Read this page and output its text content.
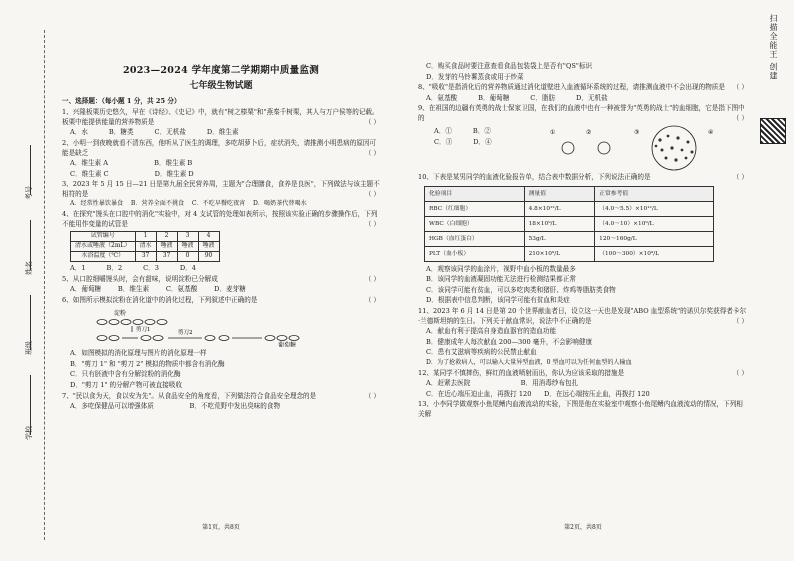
考号
姓名
班级
学校
2023—2024 学年度第二学期期中质量监测
七年级生物试题
一、选择题：（每小题 1 分，共 25 分）
1、兴隆板栗历史悠久，早在《诗经》、《史记》中，就有"树之榛栗"和"燕秦千树栗，其人与万户侯等的记载。板栗中能提供能量的营养物质是	（ ）
A．水          B．糖类          C．无机盐          D．维生素
2、小明一到夜晚就看不清东西，他听从了医生的调理，多吃胡萝卜后，症状消失，请推测小明患病的原因可能是缺乏	（ ）
A．维生素 A                      B．维生素 B
C．维生素 C                      D．维生素 D
3、2023 年 5 月 15 日—21 日是第九届全民营养周，主题为"合理膳食，食养是良医"，下列做法与该主题不相符的是	（ ）
A．经常性暴饮暴食    B．营养全面不挑食    C．不吃早餐吃夜宵    D．喝奶茶代替喝水
4、在探究"馒头在口腔中的消化"实验中，对 4 支试管的处理如表所示，按照该实验正确的步骤操作后，下列不能用作变量的试管是	（ ）
试管编号	1	2	3	4
清水或唾液（2mL）	清水	唾液	唾液	唾液
水浴温度（℃）	37	37	0	90
A．1          B．2          C．3          D．4
5、从口腔细嚼馒头时，会有甜味，说明淀粉已分解成	（ ）
A．葡萄糖        B．维生素        C．氨基酸        D．麦芽糖
6、如图所示模拟淀粉在消化道中的消化过程，下列叙述中正确的是	（ ）
淀粉
剪刀1	剪刀2
葡萄糖
A．如图模拟的消化原理与图片的消化原理一样
B．"剪刀 1" 和 "剪刀 2" 模拟的物质中都含有消化酶
C．只有胚液中含有分解淀粉的消化酶
D．"剪刀 1" 的分解产物可被直接吸收
7、"民以食为天，食以安为先"。从食品安全的角度看，下列做法符合食品安全理念的是	（ ）
A．多吃保健品可以增强体质                 B．不吃荒野中发出臭味的食物
第1页，共8页
C．购买食品时要注意查看食品包装袋上是否有"QS"标识
D．发芽的马铃薯蒸食或用于炒菜
8、"吸收"是指消化后的营养物质通过消化道壁进入血液循环系统的过程，请推测血液中不会出现的物质是 （ ）
A．氨基酸          B．葡萄糖          C．脂肪          D．无机盐
9、在祖国的边疆有英勇的战士保家卫国，在我们的血液中也有一种被誉为"英勇的战士"的血细胞，它是指下图中的	（ ）
A．①          B．②
C．③          D．④
①	②	③	④
10、下表是某男同学的血液化验报告单，结合表中数据分析，下列说法正确的是	（ ）
化验项目	测量值	正常参考值
RBC（红细胞）	4.8×10¹²/L	（4.0～5.5）×10¹²/L
WBC（白细胞）	18×10⁹/L	（4.0～10）×10⁹/L
HGB（血红蛋白）	53g/L	120～160g/L
PLT（血小板）	210×10⁹/L	（100～300）×10⁹/L
A．观察该同学的血涂片，视野中血小板的数量最多
B．该同学的血液凝固功能无法进行检测结果都正常
C．该同学可能有贫血，可以多吃肉类和猪肝、炸鸡等脂肪类食物
D．根据表中信息判断，该同学可能有贫血和炎症
11、2023 年 6 月 14 日是第 20 个世界献血者日，设立这一天也是发现"ABO 血型系统"的诺贝尔奖获得者卡尔·兰德斯坦纳的生日。下列关于献血常识，说法中不正确的是	（ ）
A．献血有利于提高自身造血器官的造血功能
B．健康成年人每次献血 200—300 毫升，不会影响健康
C．患有艾滋病等疾病的公民禁止献血
D．为了抢救病人，可以输入大量异型血液，0 型血可以为任何血型的人输血
12、某同学不慎摔伤，鲜红的血液喷射而出，你认为应该采取的措施是	（ ）
A．赶紧去医院                        B．用消毒纱布包扎
C．在近心端压迫止血，再拨打 120      D．在远心端按压止血，再拨打 120
13、小李同学做观察小鱼尾鳍内血液流动的实验，下图是他在实验室中观察小鱼尾鳍内血液流动的情况，下列相关解
第2页，共8页
扫描全能王 创建
